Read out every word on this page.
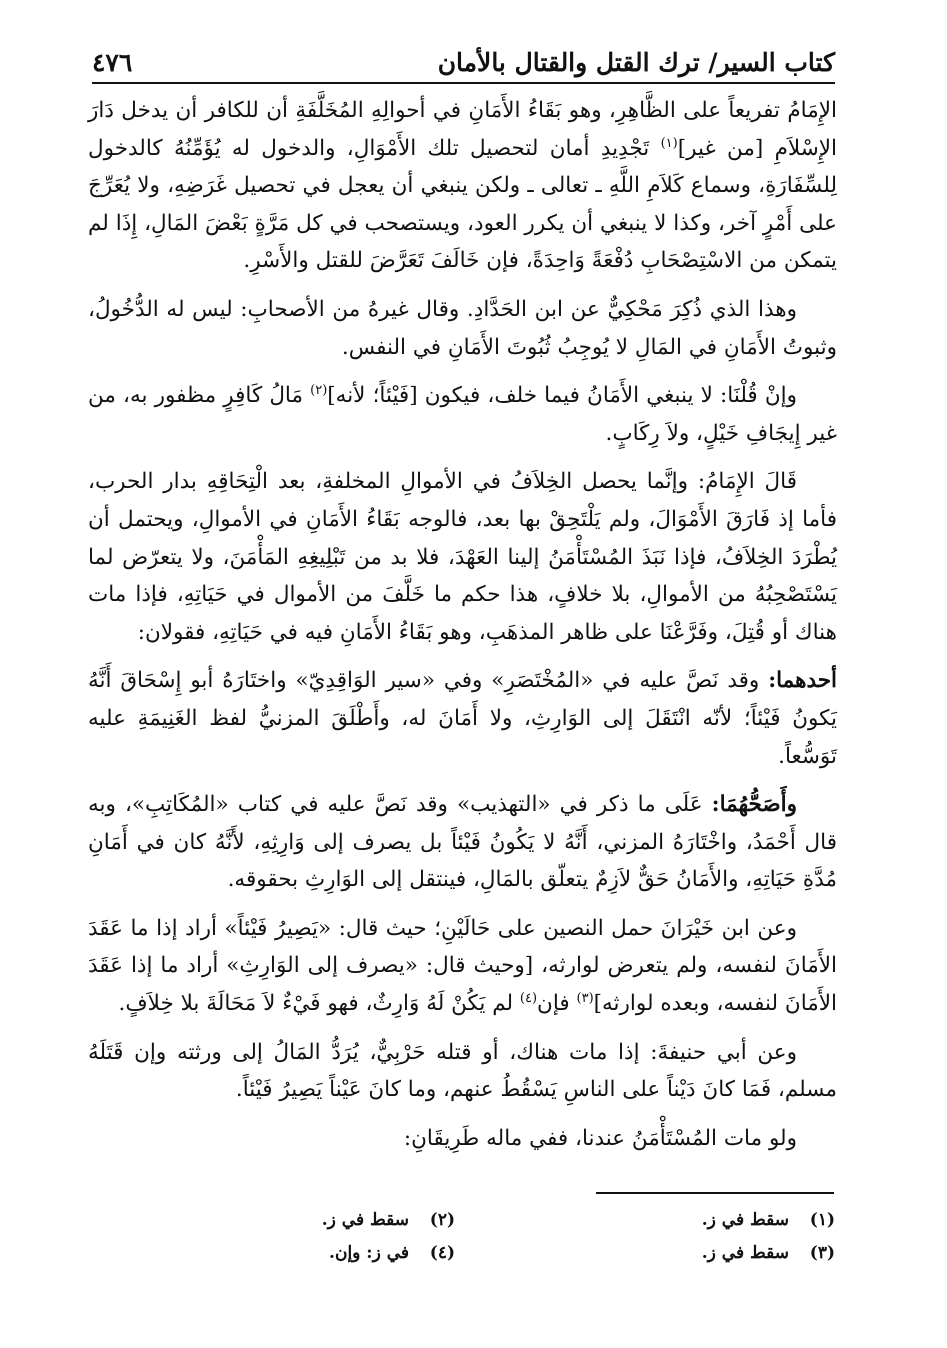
كتاب السير/ ترك القتل والقتال بالأمان
٤٧٦

الإِمَامُ تفريعاً على الظَّاهِرِ، وهو بَقَاءُ الأَمَانِ في أحوالِهِ المُخَلَّفَةِ أن للكافر أن يدخل دَارَ الإِسْلاَمِ [من غير]$^{(١)}$ تَجْدِيدِ أمان لتحصيل تلك الأَمْوَالِ، والدخول له يُؤَمِّنُهُ كالدخول لِلسِّفَارَةِ، وسماع كَلاَمِ اللَّهِ ـ تعالى ـ ولكن ينبغي أن يعجل في تحصيل غَرَضِهِ، ولا يُعَرِّجَ على أَمْرٍ آخر، وكذا لا ينبغي أن يكرر العود، ويستصحب في كل مَرَّةٍ بَعْضَ المَالِ، إِذَا لم يتمكن من الاسْتِصْحَابِ دُفْعَةً وَاحِدَةً، فإن خَالَفَ تَعَرَّضَ للقتل والأَسْرِ.

وهذا الذي ذُكِرَ مَحْكِيٌّ عن ابن الحَدَّادِ. وقال غيرهُ من الأصحابِ: ليس له الدُّخُولُ، وثبوتُ الأَمَانِ في المَالِ لا يُوجِبُ ثُبُوتَ الأَمَانِ في النفس.

وإنْ قُلْنَا: لا ينبغي الأَمَانُ فيما خلف، فيكون [فَيْئاً؛ لأنه]$^{(٢)}$ مَالُ كَافِرٍ مظفور به، من غير إِيجَافِ خَيْلٍ، ولاَ رِكَابٍ.

قَالَ الإِمَامُ: وإنَّما يحصل الخِلاَفُ في الأموالِ المخلفةِ، بعد الْتِحَاقِهِ بدار الحرب، فأما إذ فَارَقَ الأَمْوَالَ، ولم يَلْتَحِقْ بها بعد، فالوجه بَقَاءُ الأَمَانِ في الأموالِ، ويحتمل أن يُطْرَدَ الخِلاَفُ، فإذا نَبَذَ المُسْتَأْمَنُ إلينا العَهْدَ، فلا بد من تَبْلِيغِهِ المَأْمَنَ، ولا يتعرّض لما يَسْتَصْحِبُهُ من الأموالِ، بلا خلافٍ، هذا حكم ما خَلَّفَ من الأموال في حَيَاتِهِ، فإذا مات هناك أو قُتِلَ، وفَرَّعْنَا على ظاهر المذهَبِ، وهو بَقَاءُ الأَمَانِ فيه في حَيَاتِهِ، فقولان:

أحدهما: وقد نَصَّ عليه في «المُخْتَصَرِ» وفي «سير الوَاقِدِيّ» واختَارَهُ أبو إِسْحَاقَ أَنَّهُ يَكونُ فَيْئاً؛ لأنّه انْتَقَلَ إلى الوَارِثِ، ولا أَمَانَ له، وأَطْلَقَ المزنيُّ لفظ الغَنِيمَةِ عليه تَوَسُّعاً.

وأَصَحُّهُمَا: عَلَى ما ذكر في «التهذيب» وقد نَصَّ عليه في كتاب «المُكَاتِبِ»، وبه قال أَحْمَدُ، واخْتَارَهُ المزني، أَنَّهُ لا يَكُونُ فَيْئاً بل يصرف إلى وَارِثِهِ، لأَنَّهُ كان في أَمَانِ مُدَّةِ حَيَاتِهِ، والأَمَانُ حَقٌّ لاَزِمٌ يتعلّق بالمَالِ، فينتقل إلى الوَارِثِ بحقوقه.

وعن ابن خَيْرَانَ حمل النصين على حَالَيْنِ؛ حيث قال: «يَصِيرُ فَيْئاً» أراد إذا ما عَقَدَ الأَمَانَ لنفسه، ولم يتعرض لوارثه، [وحيث قال: «يصرف إلى الوَارِثِ» أراد ما إذا عَقَدَ الأَمَانَ لنفسه، وبعده لوارثه]$^{(٣)}$ فإن$^{(٤)}$ لم يَكُنْ لَهُ وَارِثٌ، فهو فَيْءٌ لاَ مَحَالَةَ بلا خِلاَفٍ.

وعن أبي حنيفةَ: إذا مات هناك، أو قتله حَرْبِيٌّ، يُرَدُّ المَالُ إلى ورثته وإن قَتَلَهُ مسلم، فَمَا كانَ دَيْناً على الناسِ يَسْقُطُ عنهم، وما كانَ عَيْناً يَصِيرُ فَيْئاً.

ولو مات المُسْتَأْمَنُ عندنا، ففي ماله طَرِيقَانِ:

(١)
سقط في ز.
(٢)
سقط في ز.
(٣)
سقط في ز.
(٤)
في ز: وإن.
